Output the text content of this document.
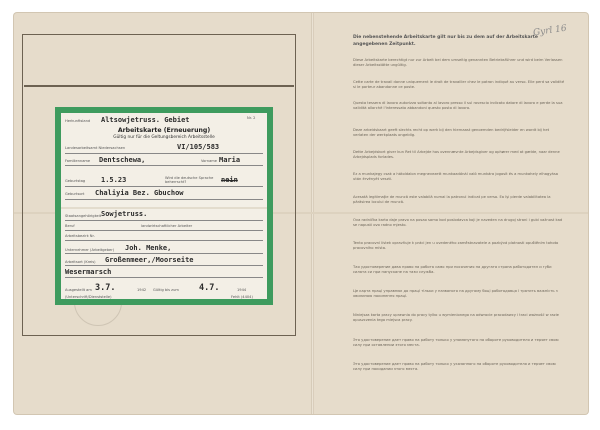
Herkunftsland Altsowjetruss. Gebiet	Nr. 2
Arbeitskarte (Erneuerung)
Gültig nur für die Geltungsbereich Arbeitsstelle
Landesarbeitsamt Niedersachsen	VI/105/583
Familienname Dentschewa,	Vorname Maria
Geburtstag 1.5.23	Wird die deutsche Sprache beherrscht?	nein
Geburtsort Chaliyia Bez. Gbuchow
Staatsangehörigkeit Sowjetruss.
Beruf	landwirtschaftlicher Arbeiter
Arbeitsbezirk Nr.
Unternehmer (Arbeitgeber) Joh. Menke,
Arbeitsort (Kreis) Großenmeer,/Moorseite
Wesermarsch
Ausgestellt am 3.7.	1942 Gültig bis zum 4.7.	1944
(Unterschrift/Dienststelle)	Fehlt (4404)
Gyrl 16
Die nebenstehende Arbeitskarte gilt nur bis zu dem auf der Arbeitskarte angegebenen Zeitpunkt.
Diese Arbeitskarte berechtigt nur zur Arbeit bei dem umseitig genannten Betriebsführer und wird beim Verlassen dieser Arbeitsstätte ungültig.
Cette carte de travail donne uniquement le droit de travailler chez le patron indiqué au verso. Elle perd sa validité si le porteur abandonne ce poste.
Questa tessera di lavoro autorizza soltanto al lavoro presso il sul rovescio indicato datore di lavoro e perde la sua validità allorchè l'interessato abbandoni questo posto di lavoro.
Deze arbeidskaart geeft slechts recht op werk bij den hiernaast genoemden bedrijfsleider en wordt bij het verlaten der werkplaats ongeldig.
Dette Arbejdskort giver kun Ret til Arbejde hos ovennævnte Arbejdsgiver og ophører med at gælde, naar denne Arbejdsplads forlades.
Ez a munkajegy csak a hátoldalon megnevezett munkaadónál való munkára jogosít és a munkahely elhagyása után érvényét veszti.
Acesată legitimaţie de muncă este valabilă numai la patronul indicat pe verso. Ea îşi pierde valabilitatea la părăsirea locului de muncă.
Ova radnička karta daje pravo na posao samo kod poslodavca koji je naveden na drugoj strani i gubi važnost kad se napusti ovo radno mjesto.
Tento pracovní lístek opravňuje k práci jen u uvedeného zaměstnavatele a pozbývá platnosti opuštěním tohoto pracovního místa.
Тая удостоверение дава право на работа само при посочения на другата страна работодател и губи силата си при напускане на тази служба.
Це карта праці управнює до праці тільки у названого на другому боці роботодавця і тратить важність з хвилиною покинення праці.
Niniejsza karta pracy uprawnia do pracy tylko u wymienionego na odwrocie pracodawcy i traci ważność w razie opuszczenia tego miejsca pracy.
Это удостоверение дает право на работу только у упомянутого на обороте руководителя и теряет свою силу при оставлении этого места.
Это удостоверение дает право на работу только у указанного на обороте руководителя и теряет свою силу при покидании этого места.
